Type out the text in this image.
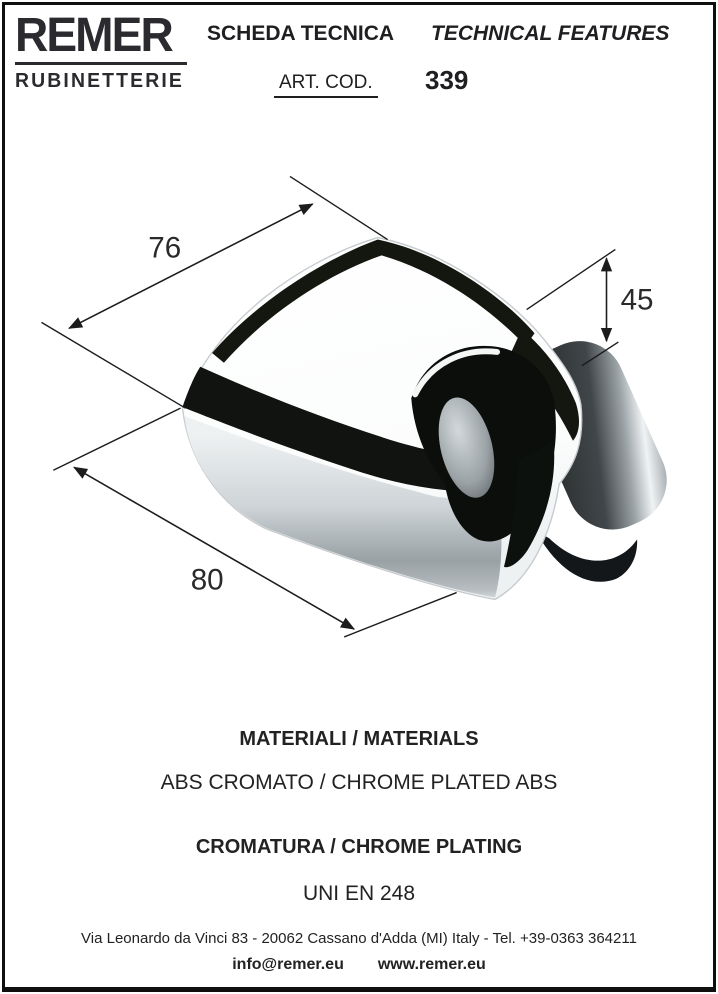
REMER
RUBINETTERIE
SCHEDA TECNICA TECHNICAL FEATURES
ART. COD. 339
76
45
80
MATERIALI / MATERIALS
ABS CROMATO / CHROME PLATED ABS
CROMATURA / CHROME PLATING
UNI EN 248
Via Leonardo da Vinci 83 - 20062 Cassano d'Adda (MI) Italy - Tel. +39-0363 364211
info@remer.eu www.remer.eu
